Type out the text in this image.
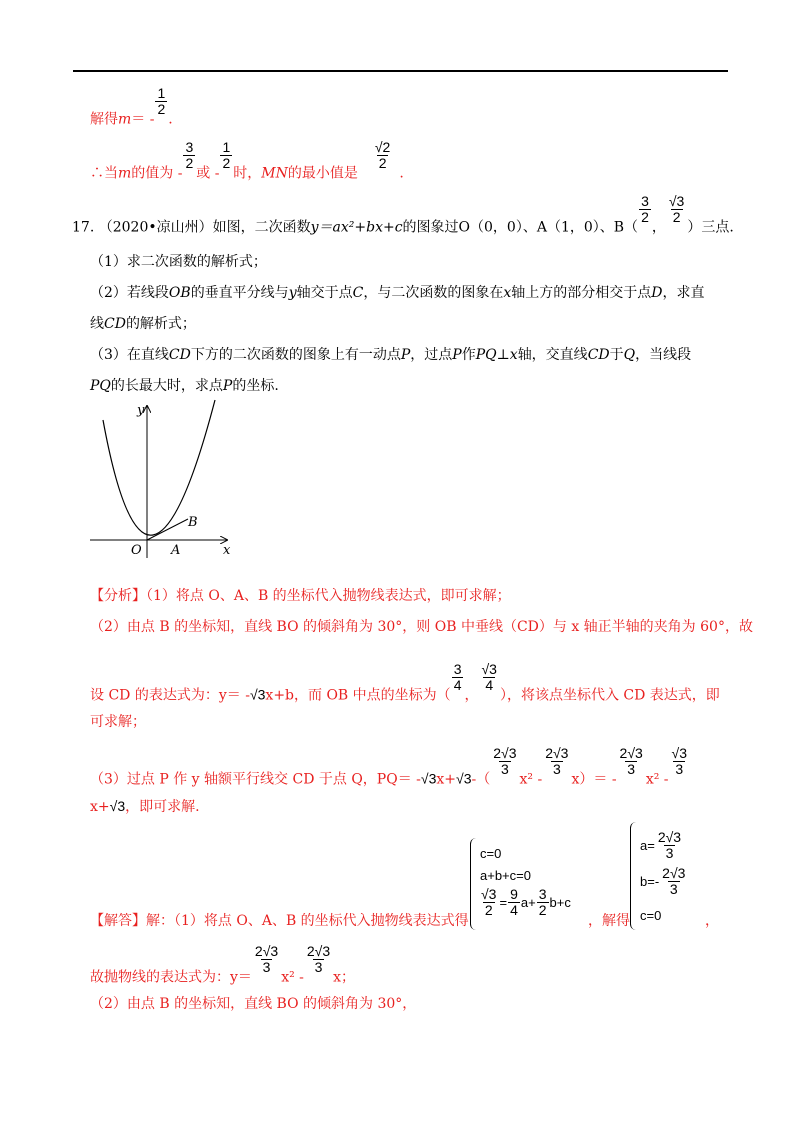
解得m＝ -
$\frac{1}{2}$
.
∴当m的值为 -
$\frac{3}{2}$
或 -
$\frac{1}{2}$
时，MN的最小值是
$\frac{√2}{2}$
.
17. （2020•凉山州）如图，二次函数y＝ax²+bx+c的图象过O（0，0）、A（1，0）、B（
$\frac{3}{2}$
，
$\frac{√3}{2}$
）三点.
（1）求二次函数的解析式；
（2）若线段OB的垂直平分线与y轴交于点C，与二次函数的图象在x轴上方的部分相交于点D，求直
线CD的解析式；
（3）在直线CD下方的二次函数的图象上有一动点P，过点P作PQ⊥x轴，交直线CD于Q，当线段
PQ的长最大时，求点P的坐标.
y
x
O A
B
【分析】（1）将点 O、A、B 的坐标代入抛物线表达式，即可求解；
（2）由点 B 的坐标知，直线 BO 的倾斜角为 30°，则 OB 中垂线（CD）与 x 轴正半轴的夹角为 60°，故
设 CD 的表达式为：y＝ -√3x+b，而 OB 中点的坐标为（
$\frac{3}{4}$
，
$\frac{√3}{4}$
），将该点坐标代入 CD 表达式，即
可求解；
（3）过点 P 作 y 轴额平行线交 CD 于点 Q，PQ＝ -√3x+√3-（
$\frac{2√3}{3}$
x² -
$\frac{2√3}{3}$
x）＝ -
$\frac{2√3}{3}$
x² -
$\frac{√3}{3}$
x+√3，即可求解.
【解答】解：（1）将点 O、A、B 的坐标代入抛物线表达式得
c=0
a+b+c=0
$\frac{√3}{2} = \frac{9}{4} a+ \frac{3}{2} b+c$
，解得
$a= \frac{2√3}{3}$
b=-
2√3
3
c=0	，
故抛物线的表达式为：y＝
$\frac{2√3}{3}$
x² -
$\frac{2√3}{3}$
x；
（2）由点 B 的坐标知，直线 BO 的倾斜角为 30°，
